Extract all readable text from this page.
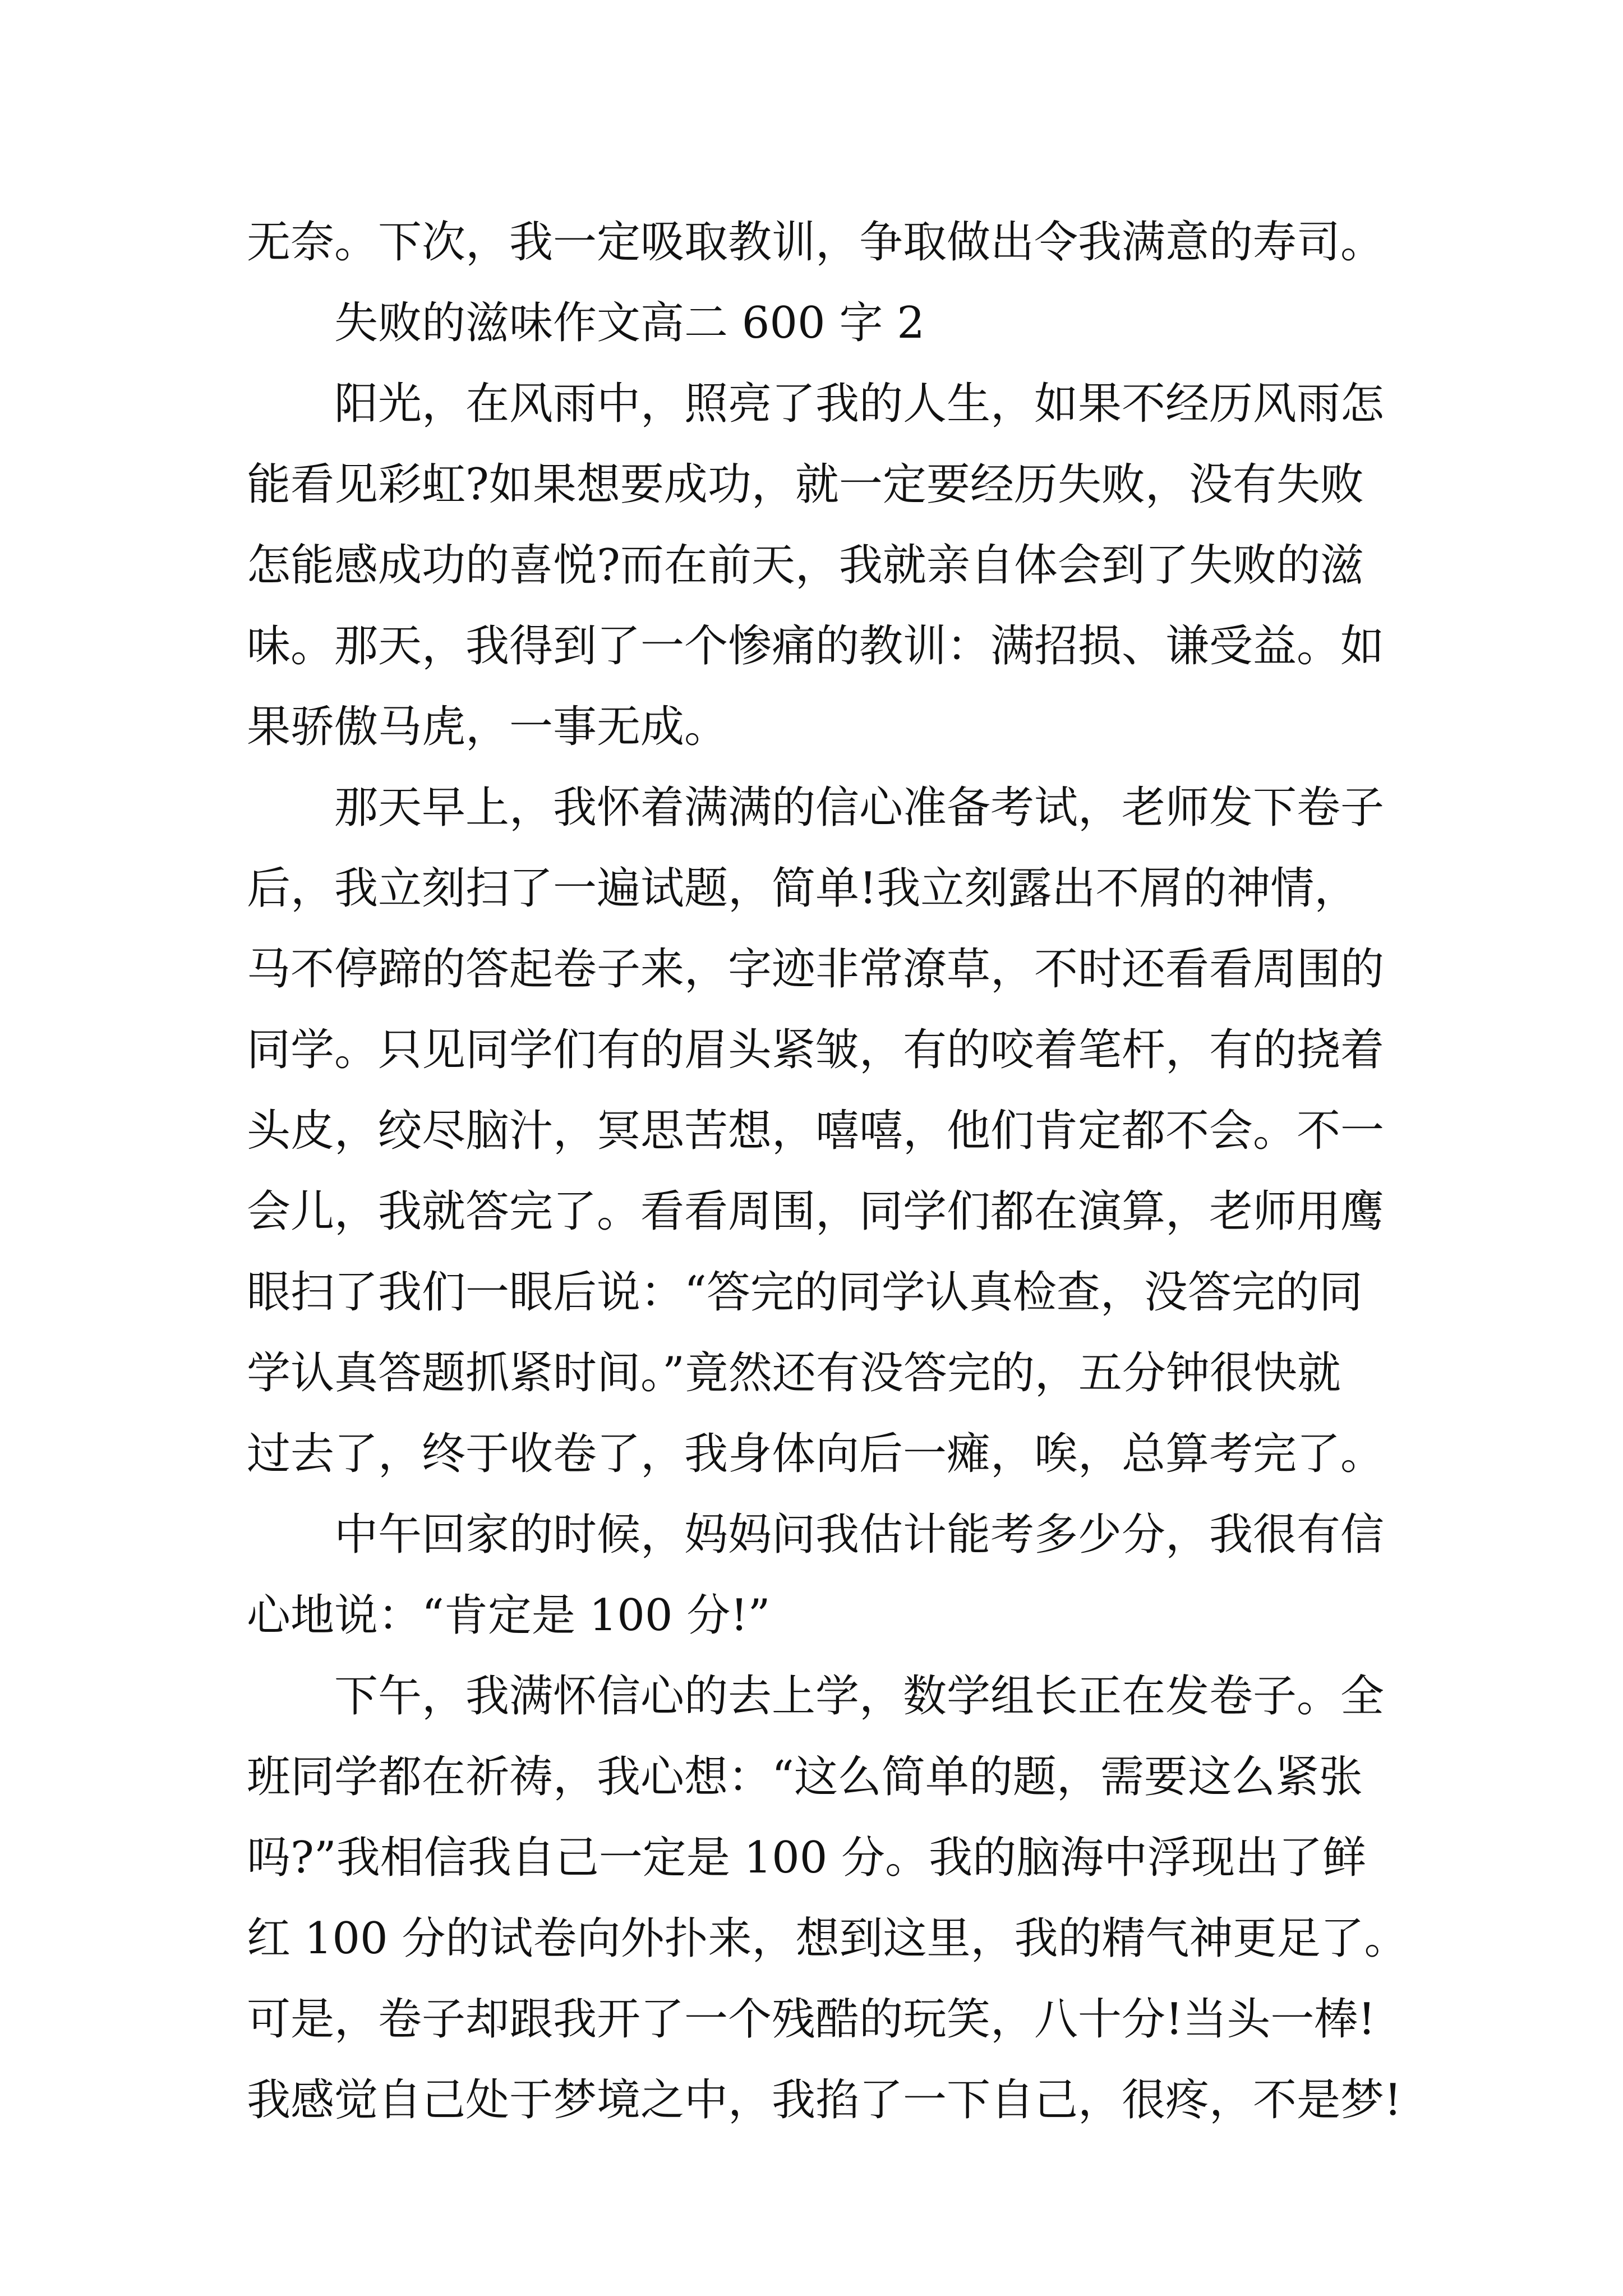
无奈。下次，我一定吸取教训，争取做出令我满意的寿司。
失败的滋味作文高二 600 字 2
阳光，在风雨中，照亮了我的人生，如果不经历风雨怎
能看见彩虹?如果想要成功，就一定要经历失败，没有失败
怎能感成功的喜悦?而在前天，我就亲自体会到了失败的滋
味。那天，我得到了一个惨痛的教训：满招损、谦受益。如
果骄傲马虎，一事无成。
那天早上，我怀着满满的信心准备考试，老师发下卷子
后，我立刻扫了一遍试题，简单!我立刻露出不屑的神情，
马不停蹄的答起卷子来，字迹非常潦草，不时还看看周围的
同学。只见同学们有的眉头紧皱，有的咬着笔杆，有的挠着
头皮，绞尽脑汁，冥思苦想，嘻嘻，他们肯定都不会。不一
会儿，我就答完了。看看周围，同学们都在演算，老师用鹰
眼扫了我们一眼后说：“答完的同学认真检查，没答完的同
学认真答题抓紧时间。”竟然还有没答完的，五分钟很快就
过去了，终于收卷了，我身体向后一瘫，唉，总算考完了。
中午回家的时候，妈妈问我估计能考多少分，我很有信
心地说：“肯定是 100 分!”
下午，我满怀信心的去上学，数学组长正在发卷子。全
班同学都在祈祷，我心想：“这么简单的题，需要这么紧张
吗?”我相信我自己一定是 100 分。我的脑海中浮现出了鲜
红 100 分的试卷向外扑来，想到这里，我的精气神更足了。
可是，卷子却跟我开了一个残酷的玩笑，八十分!当头一棒!
我感觉自己处于梦境之中，我掐了一下自己，很疼，不是梦!
